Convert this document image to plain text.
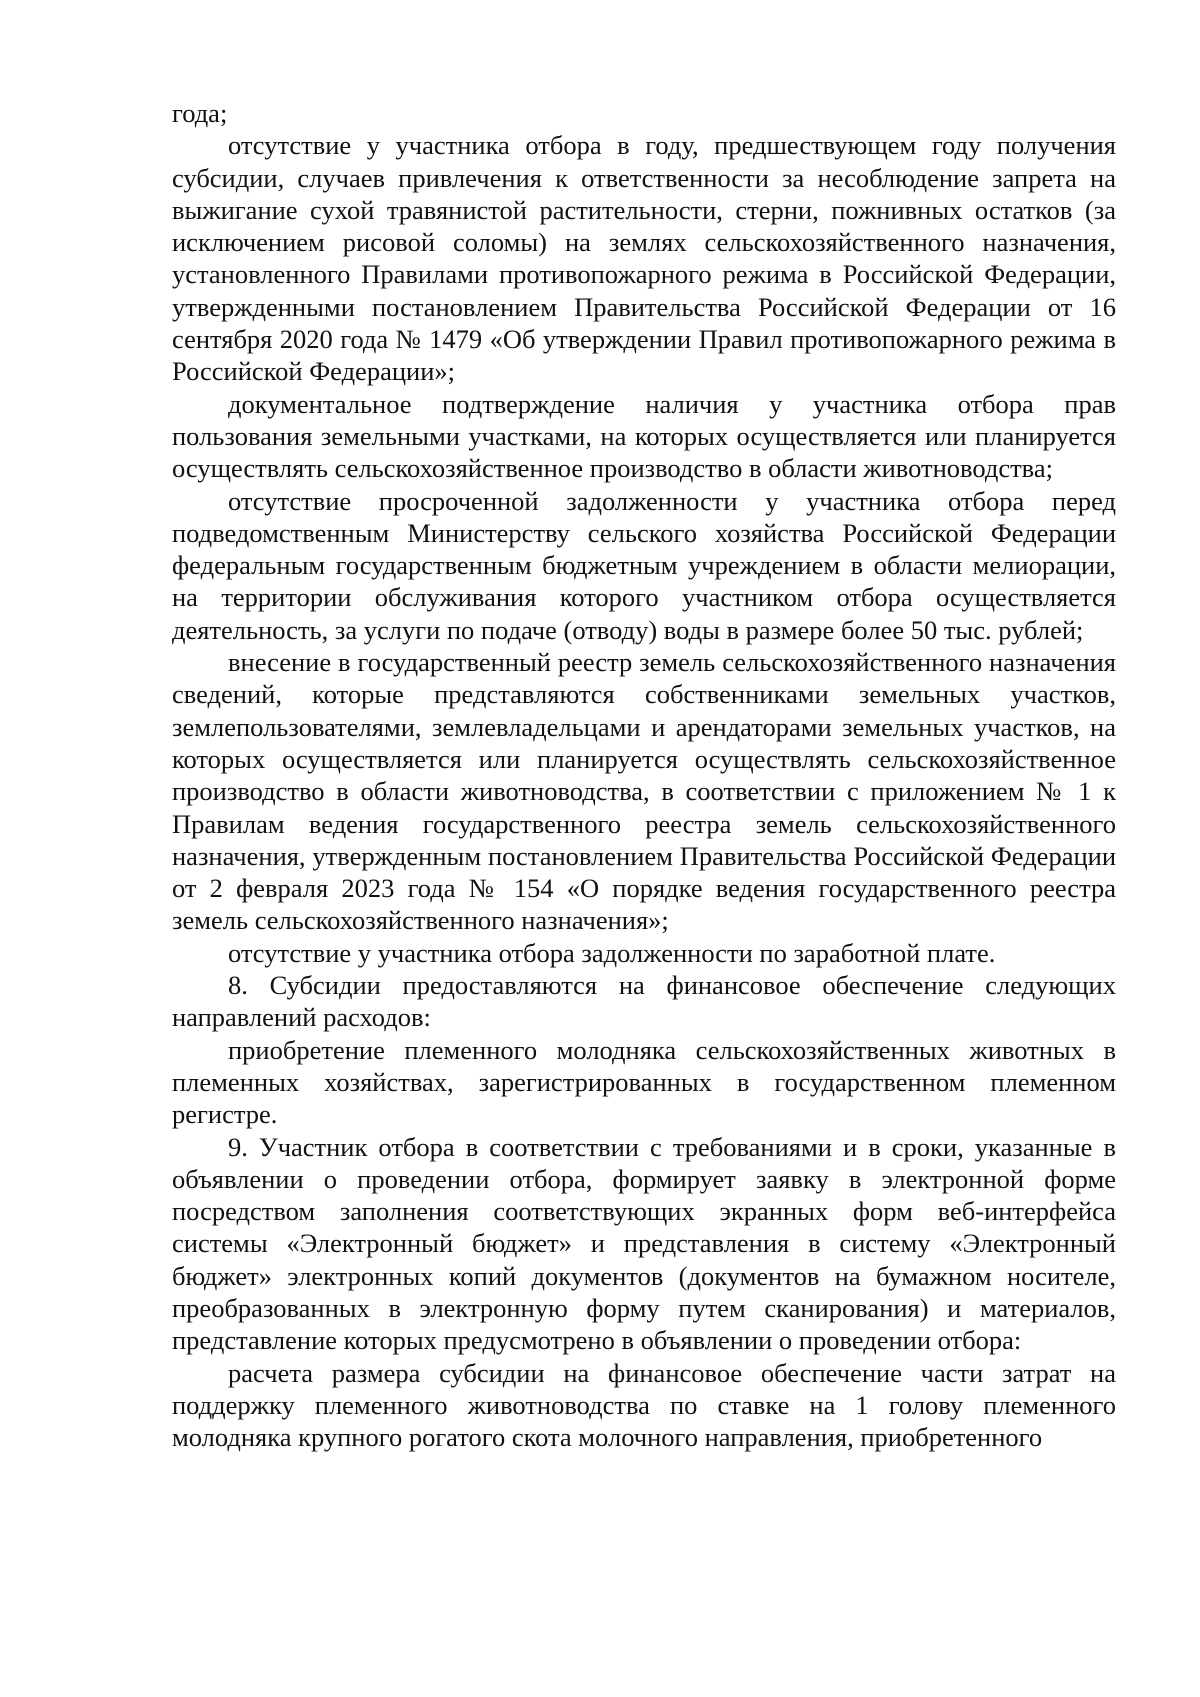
года;

отсутствие у участника отбора в году, предшествующем году получения субсидии, случаев привлечения к ответственности за несоблюдение запрета на выжигание сухой травянистой растительности, стерни, пожнивных остатков (за исключением рисовой соломы) на землях сельскохозяйственного назначения, установленного Правилами противопожарного режима в Российской Федерации, утвержденными постановлением Правительства Российской Федерации от 16 сентября 2020 года № 1479 «Об утверждении Правил противопожарного режима в Российской Федерации»;

документальное подтверждение наличия у участника отбора прав пользования земельными участками, на которых осуществляется или планируется осуществлять сельскохозяйственное производство в области животноводства;

отсутствие просроченной задолженности у участника отбора перед подведомственным Министерству сельского хозяйства Российской Федерации федеральным государственным бюджетным учреждением в области мелиорации, на территории обслуживания которого участником отбора осуществляется деятельность, за услуги по подаче (отводу) воды в размере более 50 тыс. рублей;

внесение в государственный реестр земель сельскохозяйственного назначения сведений, которые представляются собственниками земельных участков, землепользователями, землевладельцами и арендаторами земельных участков, на которых осуществляется или планируется осуществлять сельскохозяйственное производство в области животноводства, в соответствии с приложением № 1 к Правилам ведения государственного реестра земель сельскохозяйственного назначения, утвержденным постановлением Правительства Российской Федерации от 2 февраля 2023 года № 154 «О порядке ведения государственного реестра земель сельскохозяйственного назначения»;

отсутствие у участника отбора задолженности по заработной плате.

8. Субсидии предоставляются на финансовое обеспечение следующих направлений расходов:

приобретение племенного молодняка сельскохозяйственных животных в племенных хозяйствах, зарегистрированных в государственном племенном регистре.

9. Участник отбора в соответствии с требованиями и в сроки, указанные в объявлении о проведении отбора, формирует заявку в электронной форме посредством заполнения соответствующих экранных форм веб-интерфейса системы «Электронный бюджет» и представления в систему «Электронный бюджет» электронных копий документов (документов на бумажном носителе, преобразованных в электронную форму путем сканирования) и материалов, представление которых предусмотрено в объявлении о проведении отбора:

расчета размера субсидии на финансовое обеспечение части затрат на поддержку племенного животноводства по ставке на 1 голову племенного молодняка крупного рогатого скота молочного направления, приобретенного
